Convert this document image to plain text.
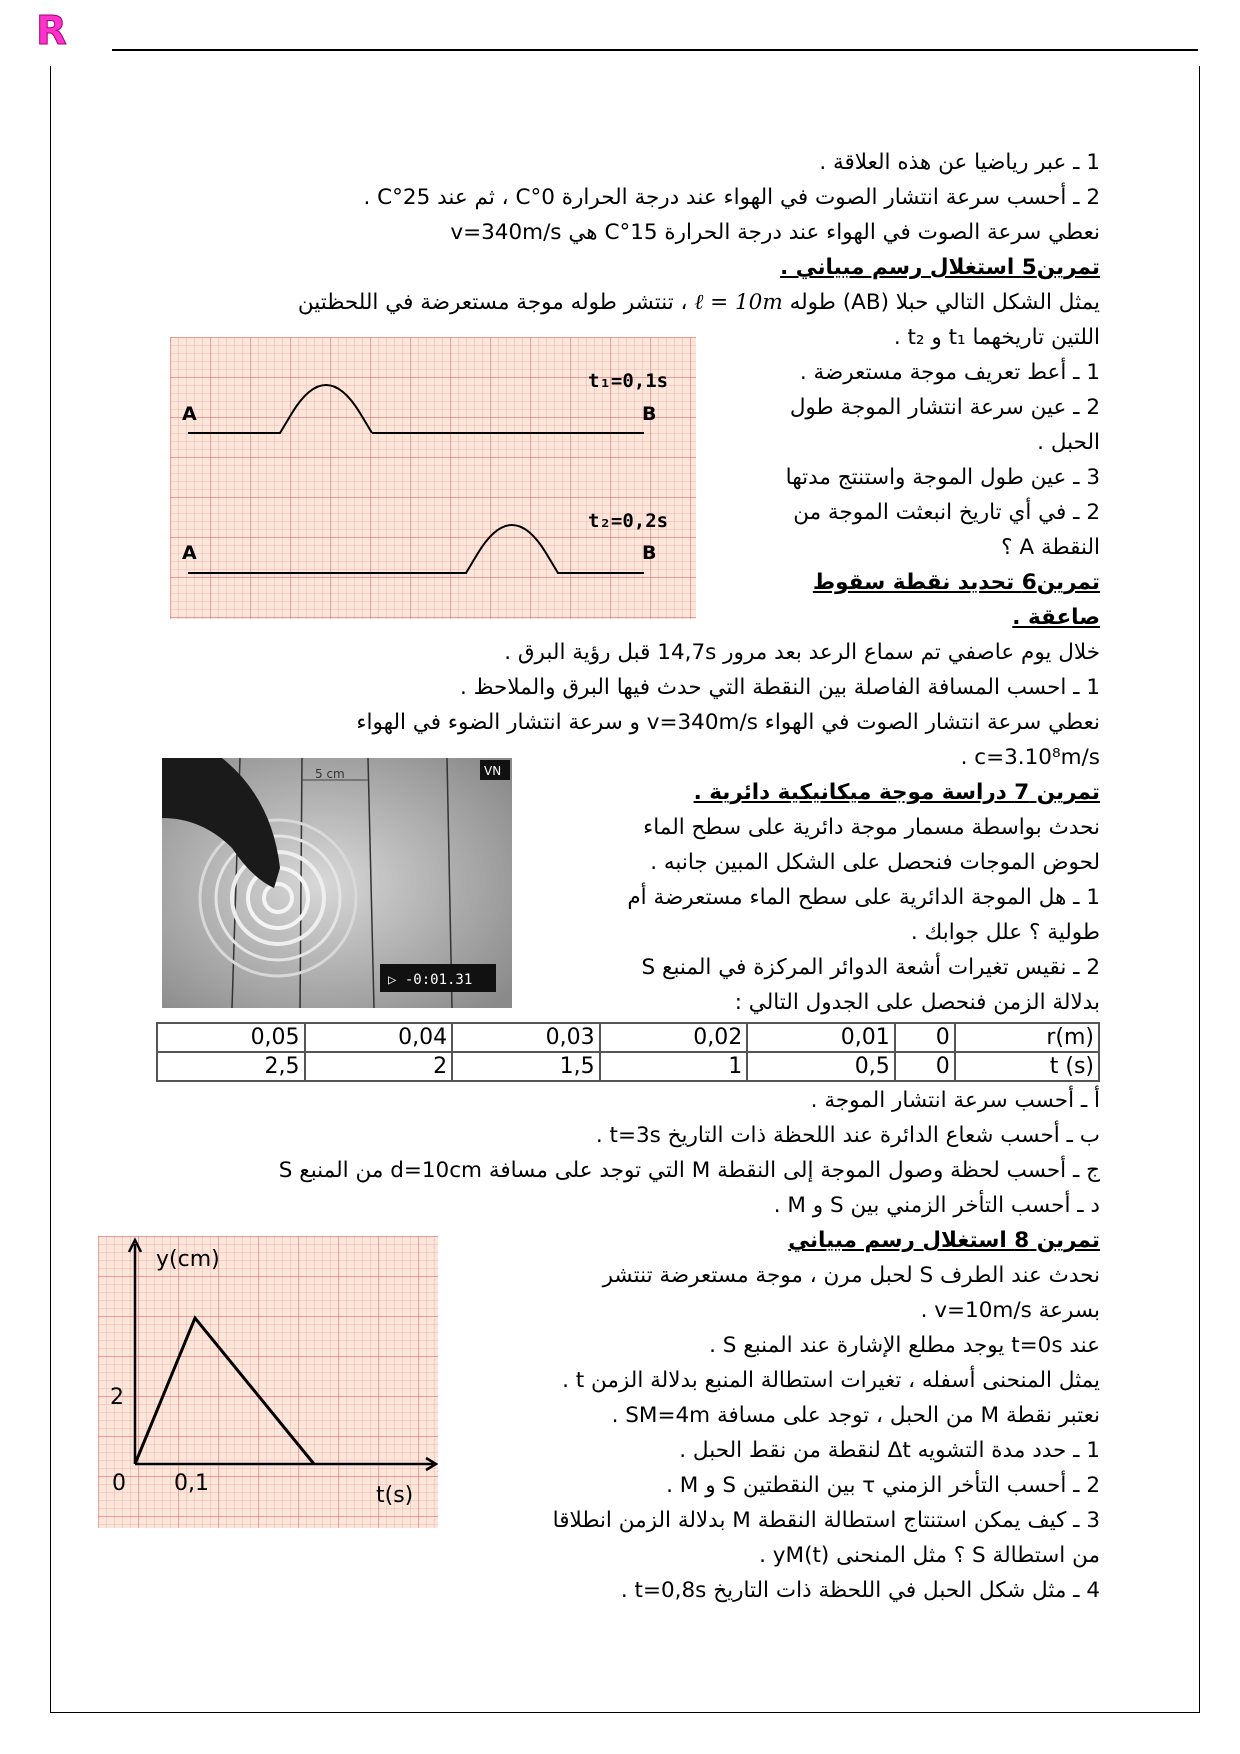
R
1 ـ عبر رياضيا عن هذه العلاقة .
2 ـ أحسب سرعة انتشار الصوت في الهواء عند درجة الحرارة 0°C ، ثم عند 25°C .
نعطي سرعة الصوت في الهواء عند درجة الحرارة 15°C هي v=340m/s
تمرين5 استغلال رسم مبياني .
يمثل الشكل التالي حبلا (AB) طوله ℓ = 10m ، تنتشر طوله موجة مستعرضة في اللحظتين
اللتين تاريخهما t₁ و t₂ .
1 ـ أعط تعريف موجة مستعرضة .
2 ـ عين سرعة انتشار الموجة طول
الحبل .
3 ـ عين طول الموجة واستنتج مدتها
2 ـ في أي تاريخ انبعثت الموجة من
النقطة A ؟
A	B
t₁=0,1s
A	B
t₂=0,2s
تمرين6 تحديد نقطة سقوط
صاعقة .
خلال يوم عاصفي تم سماع الرعد بعد مرور 14,7s قبل رؤية البرق .
1 ـ احسب المسافة الفاصلة بين النقطة التي حدث فيها البرق والملاحظ .
نعطي سرعة انتشار الصوت في الهواء v=340m/s و سرعة انتشار الضوء في الهواء
c=3.10⁸m/s .
تمرين 7 دراسة موجة ميكانيكية دائرية .
نحدث بواسطة مسمار موجة دائرية على سطح الماء
لحوض الموجات فنحصل على الشكل المبين جانبه .
1 ـ هل الموجة الدائرية على سطح الماء مستعرضة أم
طولية ؟ علل جوابك .
2 ـ نقيس تغيرات أشعة الدوائر المركزة في المنبع S
بدلالة الزمن فنحصل على الجدول التالي :
5 cm	VN
▷ -0:01.31
0,05	0,04	0,03	0,02	0,01	0	r(m)
2,5	2	1,5	1	0,5	0	t (s)
أ ـ أحسب سرعة انتشار الموجة .
ب ـ أحسب شعاع الدائرة عند اللحظة ذات التاريخ t=3s .
ج ـ أحسب لحظة وصول الموجة إلى النقطة M التي توجد على مسافة d=10cm من المنبع S
د ـ أحسب التأخر الزمني بين S و M .
تمرين 8 استغلال رسم مبياني
نحدث عند الطرف S لحبل مرن ، موجة مستعرضة تنتشر
بسرعة v=10m/s .
عند t=0s يوجد مطلع الإشارة عند المنبع S .
يمثل المنحنى أسفله ، تغيرات استطالة المنبع بدلالة الزمن t .
نعتبر نقطة M من الحبل ، توجد على مسافة SM=4m .
1 ـ حدد مدة التشويه Δt لنقطة من نقط الحبل .
2 ـ أحسب التأخر الزمني τ بين النقطتين S و M .
3 ـ كيف يمكن استنتاج استطالة النقطة M بدلالة الزمن انطلاقا
من استطالة S ؟ مثل المنحنى yM(t) .
4 ـ مثل شكل الحبل في اللحظة ذات التاريخ t=0,8s .
y(cm)
t(s)
0
2
0,1
